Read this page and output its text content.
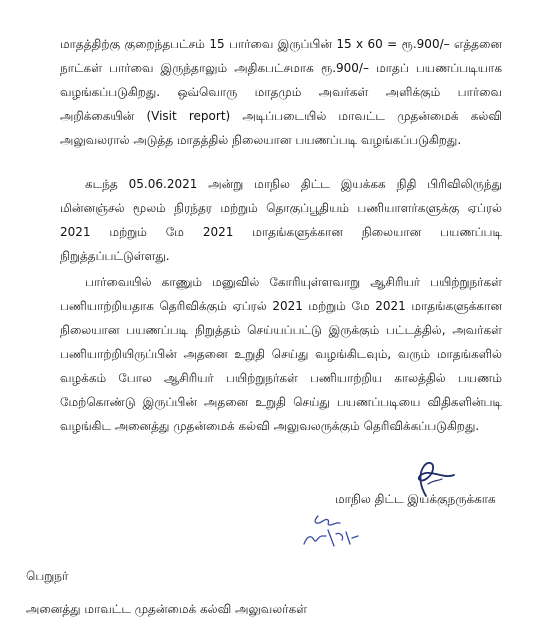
மாதத்திற்கு குறைந்தபட்சம் 15 பார்வை இருப்பின் 15 x 60 = ரூ.900/– எத்தனை நாட்கள் பார்வை இருந்தாலும் அதிகபட்சமாக ரூ.900/– மாதப் பயணப்படியாக வழங்கப்படுகிறது. ஒவ்வொரு மாதமும் அவர்கள் அளிக்கும் பார்வை அறிக்கையின் (Visit report) அடிப்படையில் மாவட்ட முதன்மைக் கல்வி அலுவலரால் அடுத்த மாதத்தில் நிலையான பயணப்படி வழங்கப்படுகிறது.

கடந்த 05.06.2021 அன்று மாநில திட்ட இயக்கக நிதி பிரிவிலிருந்து மின்னஞ்சல் மூலம் நிரந்தர மற்றும் தொகுப்பூதியம் பணியாளர்களுக்கு ஏப்ரல் 2021 மற்றும் மே 2021 மாதங்களுக்கான நிலையான பயணப்படி நிறுத்தப்பட்டுள்ளது.

பார்வையில் காணும் மனுவில் கோரியுள்ளவாறு ஆசிரியர் பயிற்றுநர்கள் பணியாற்றியதாக தெரிவிக்கும் ஏப்ரல் 2021 மற்றும் மே 2021 மாதங்களுக்கான நிலையான பயணப்படி நிறுத்தம் செய்யப்பட்டு இருக்கும் பட்டத்தில், அவர்கள் பணியாற்றியிருப்பின் அதனை உறுதி செய்து வழங்கிடவும், வரும் மாதங்களில் வழக்கம் போல ஆசிரியர் பயிற்றுநர்கள் பணியாற்றிய காலத்தில் பயணம் மேற்கொண்டு இருப்பின் அதனை உறுதி செய்து பயணப்படியை விதிகளின்படி வழங்கிட அனைத்து முதன்மைக் கல்வி அலுவலருக்கும் தெரிவிக்கப்படுகிறது.

மாநில திட்ட இயக்குநருக்காக
பெறுநர்
அனைத்து மாவட்ட முதன்மைக் கல்வி அலுவலர்கள்
